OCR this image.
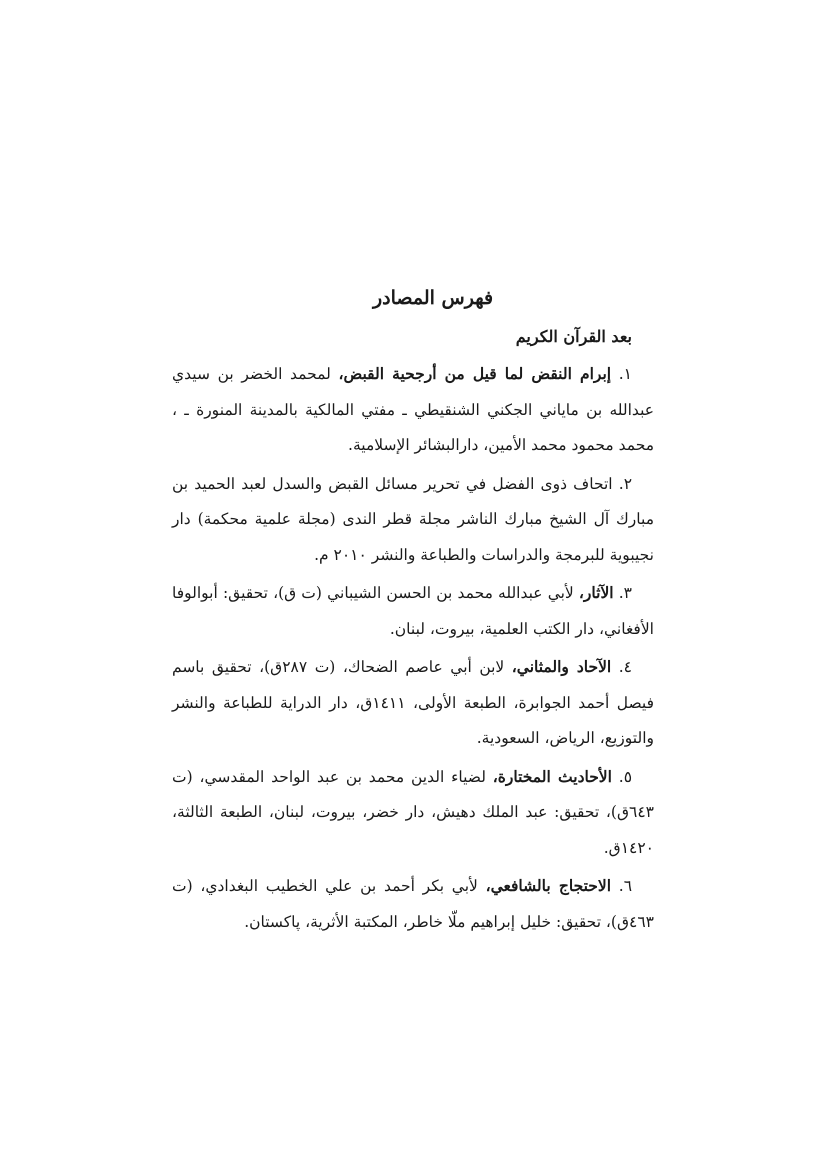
فهرس المصادر
بعد القرآن الكريم

١. إبرام النقض لما قيل من أرجحية القبض، لمحمد الخضر بن سيدي عبدالله بن ماياني الجكني الشنقيطي ـ مفتي المالكية بالمدينة المنورة ـ ، محمد محمود محمد الأمين، دارالبشائر الإسلامية.

٢. اتحاف ذوى الفضل في تحرير مسائل القبض والسدل لعبد الحميد بن مبارك آل الشيخ مبارك الناشر مجلة قطر الندى (مجلة علمية محكمة) دار نجيبوية للبرمجة والدراسات والطباعة والنشر ٢٠١٠ م.

٣. الآثار، لأبي عبدالله محمد بن الحسن الشيباني (ت ق)، تحقيق: أبوالوفا الأفغاني، دار الكتب العلمية، بيروت، لبنان.

٤. الآحاد والمثاني، لابن أبي عاصم الضحاك، (ت ٢٨٧ق)، تحقيق باسم فيصل أحمد الجوابرة، الطبعة الأولى، ١٤١١ق، دار الدراية للطباعة والنشر والتوزيع، الرياض، السعودية.

٥. الأحاديث المختارة، لضياء الدين محمد بن عبد الواحد المقدسي، (ت ٦٤٣ق)، تحقيق: عبد الملك دهيش، دار خضر، بيروت، لبنان، الطبعة الثالثة، ١٤٢٠ق.

٦. الاحتجاج بالشافعي، لأبي بكر أحمد بن علي الخطيب البغدادي، (ت ٤٦٣ق)، تحقيق: خليل إبراهيم ملّا خاطر، المكتبة الأثرية، پاكستان.
